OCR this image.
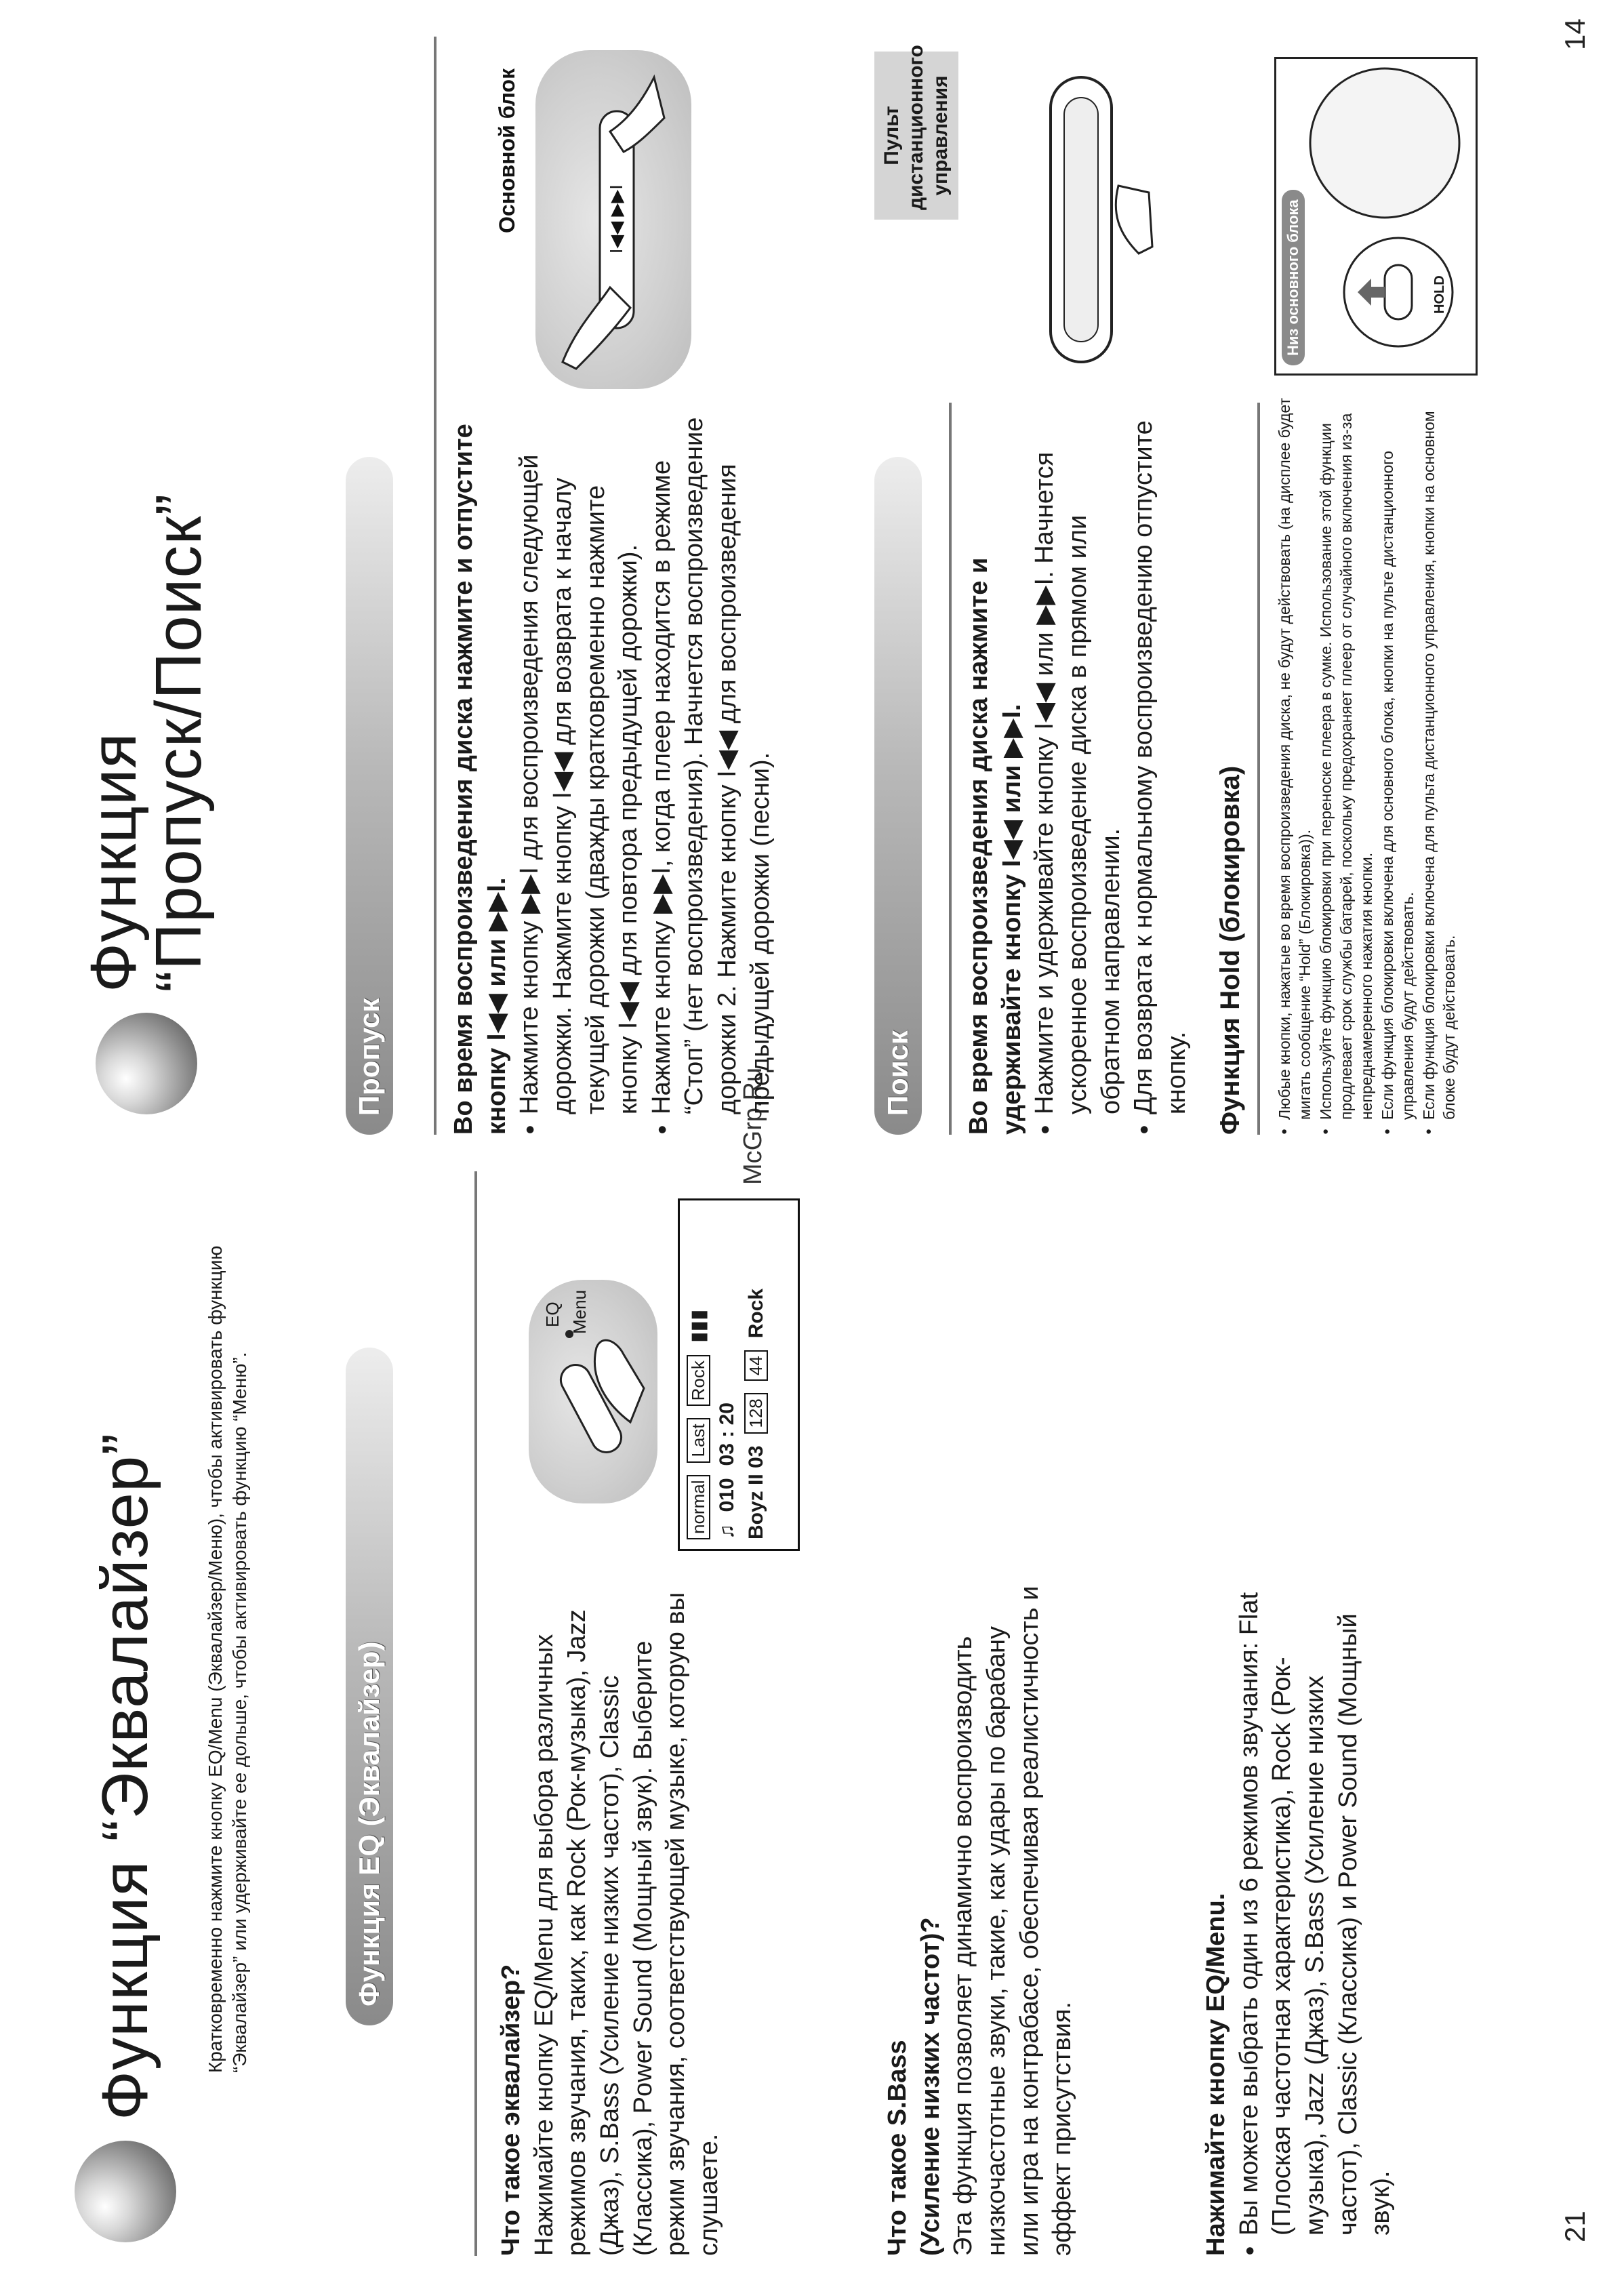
21
Функция “Эквалайзер” Кратковременно нажмите кнопку EQ/Menu (Эквалайзер/Меню), чтобы активировать функцию “Эквалайзер” или удерживайте ее дольше, чтобы активировать функцию “Меню”.	Функция EQ (Эквалайзер)

Что такое эквалайзер? Нажимайте кнопку EQ/Menu для выбора различных режимов звучания, таких, как Rock (Рок-музыка), Jazz (Джаз), S.Bass (Усиление низких частот), Classic (Классика), Power Sound (Мощный звук). Выберите режим звучания, соответствующей музыке, которую вы слушаете.

EQ Menu
normal
Last
Rock
▮▮▮
♫
010
03 : 20
Boyz II 03
128
44
Rock

Что такое S.Bass (Усиление низких частот)? Эта функция позволяет динамично воспроизводить низкочастотные звуки, такие, как удары по барабану или игра на контрабасе, обеспечивая реалистичность и эффект присутствия.	Нажимайте кнопку EQ/Menu. ● Вы можете выбрать один из 6 режимов звучания: Flat (Плоская частотная характеристика), Rock (Рок-музыка), Jazz (Джаз), S.Bass (Усиление низких частот), Classic (Классика) и Power Sound (Мощный звук).
McGrp.Ru
14
Функция
“Пропуск/Поиск”
Пропуск	Во время воспроизведения диска нажмите и отпустите кнопку I◀◀ или ▶▶I. ● Нажмите кнопку ▶▶I для воспроизведения следующей дорожки. Нажмите кнопку I◀◀ для возврата к началу текущей дорожки (дважды кратковременно нажмите кнопку I◀◀ для повтора предыдущей дорожки). ● Нажмите кнопку ▶▶I, когда плеер находится в режиме “Стоп” (нет воспроизведения). Начнется воспроизведение дорожки 2. Нажмите кнопку I◀◀ для воспроизведения предыдущей дорожки (песни).
Основной блок	I◀◀ ▶▶I
Поиск	Во время воспроизведения диска нажмите и удерживайте кнопку I◀◀ или ▶▶I. ● Нажмите и удерживайте кнопку I◀◀ или ▶▶I. Начнется ускоренное воспроизведение диска в прямом или обратном направлении. ● Для возврата к нормальному воспроизведению отпустите кнопку.
Пульт дистанционного управления
Функция Hold (блокировка) ● Любые кнопки, нажатые во время воспроизведения диска, не будут действовать (на дисплее будет мигать сообщение “Hold” (Блокировка)). ● Используйте функцию блокировки при переноске плеера в сумке. Использование этой функции продлевает срок службы батарей, поскольку предохраняет плеер от случайного включения из-за непреднамеренного нажатия кнопки. ● Если функция блокировки включена для основного блока, кнопки на пульте дистанционного управления будут действовать. ● Если функция блокировки включена для пульта дистанционного управления, кнопки на основном блоке будут действовать.
Низ основного блока	HOLD
